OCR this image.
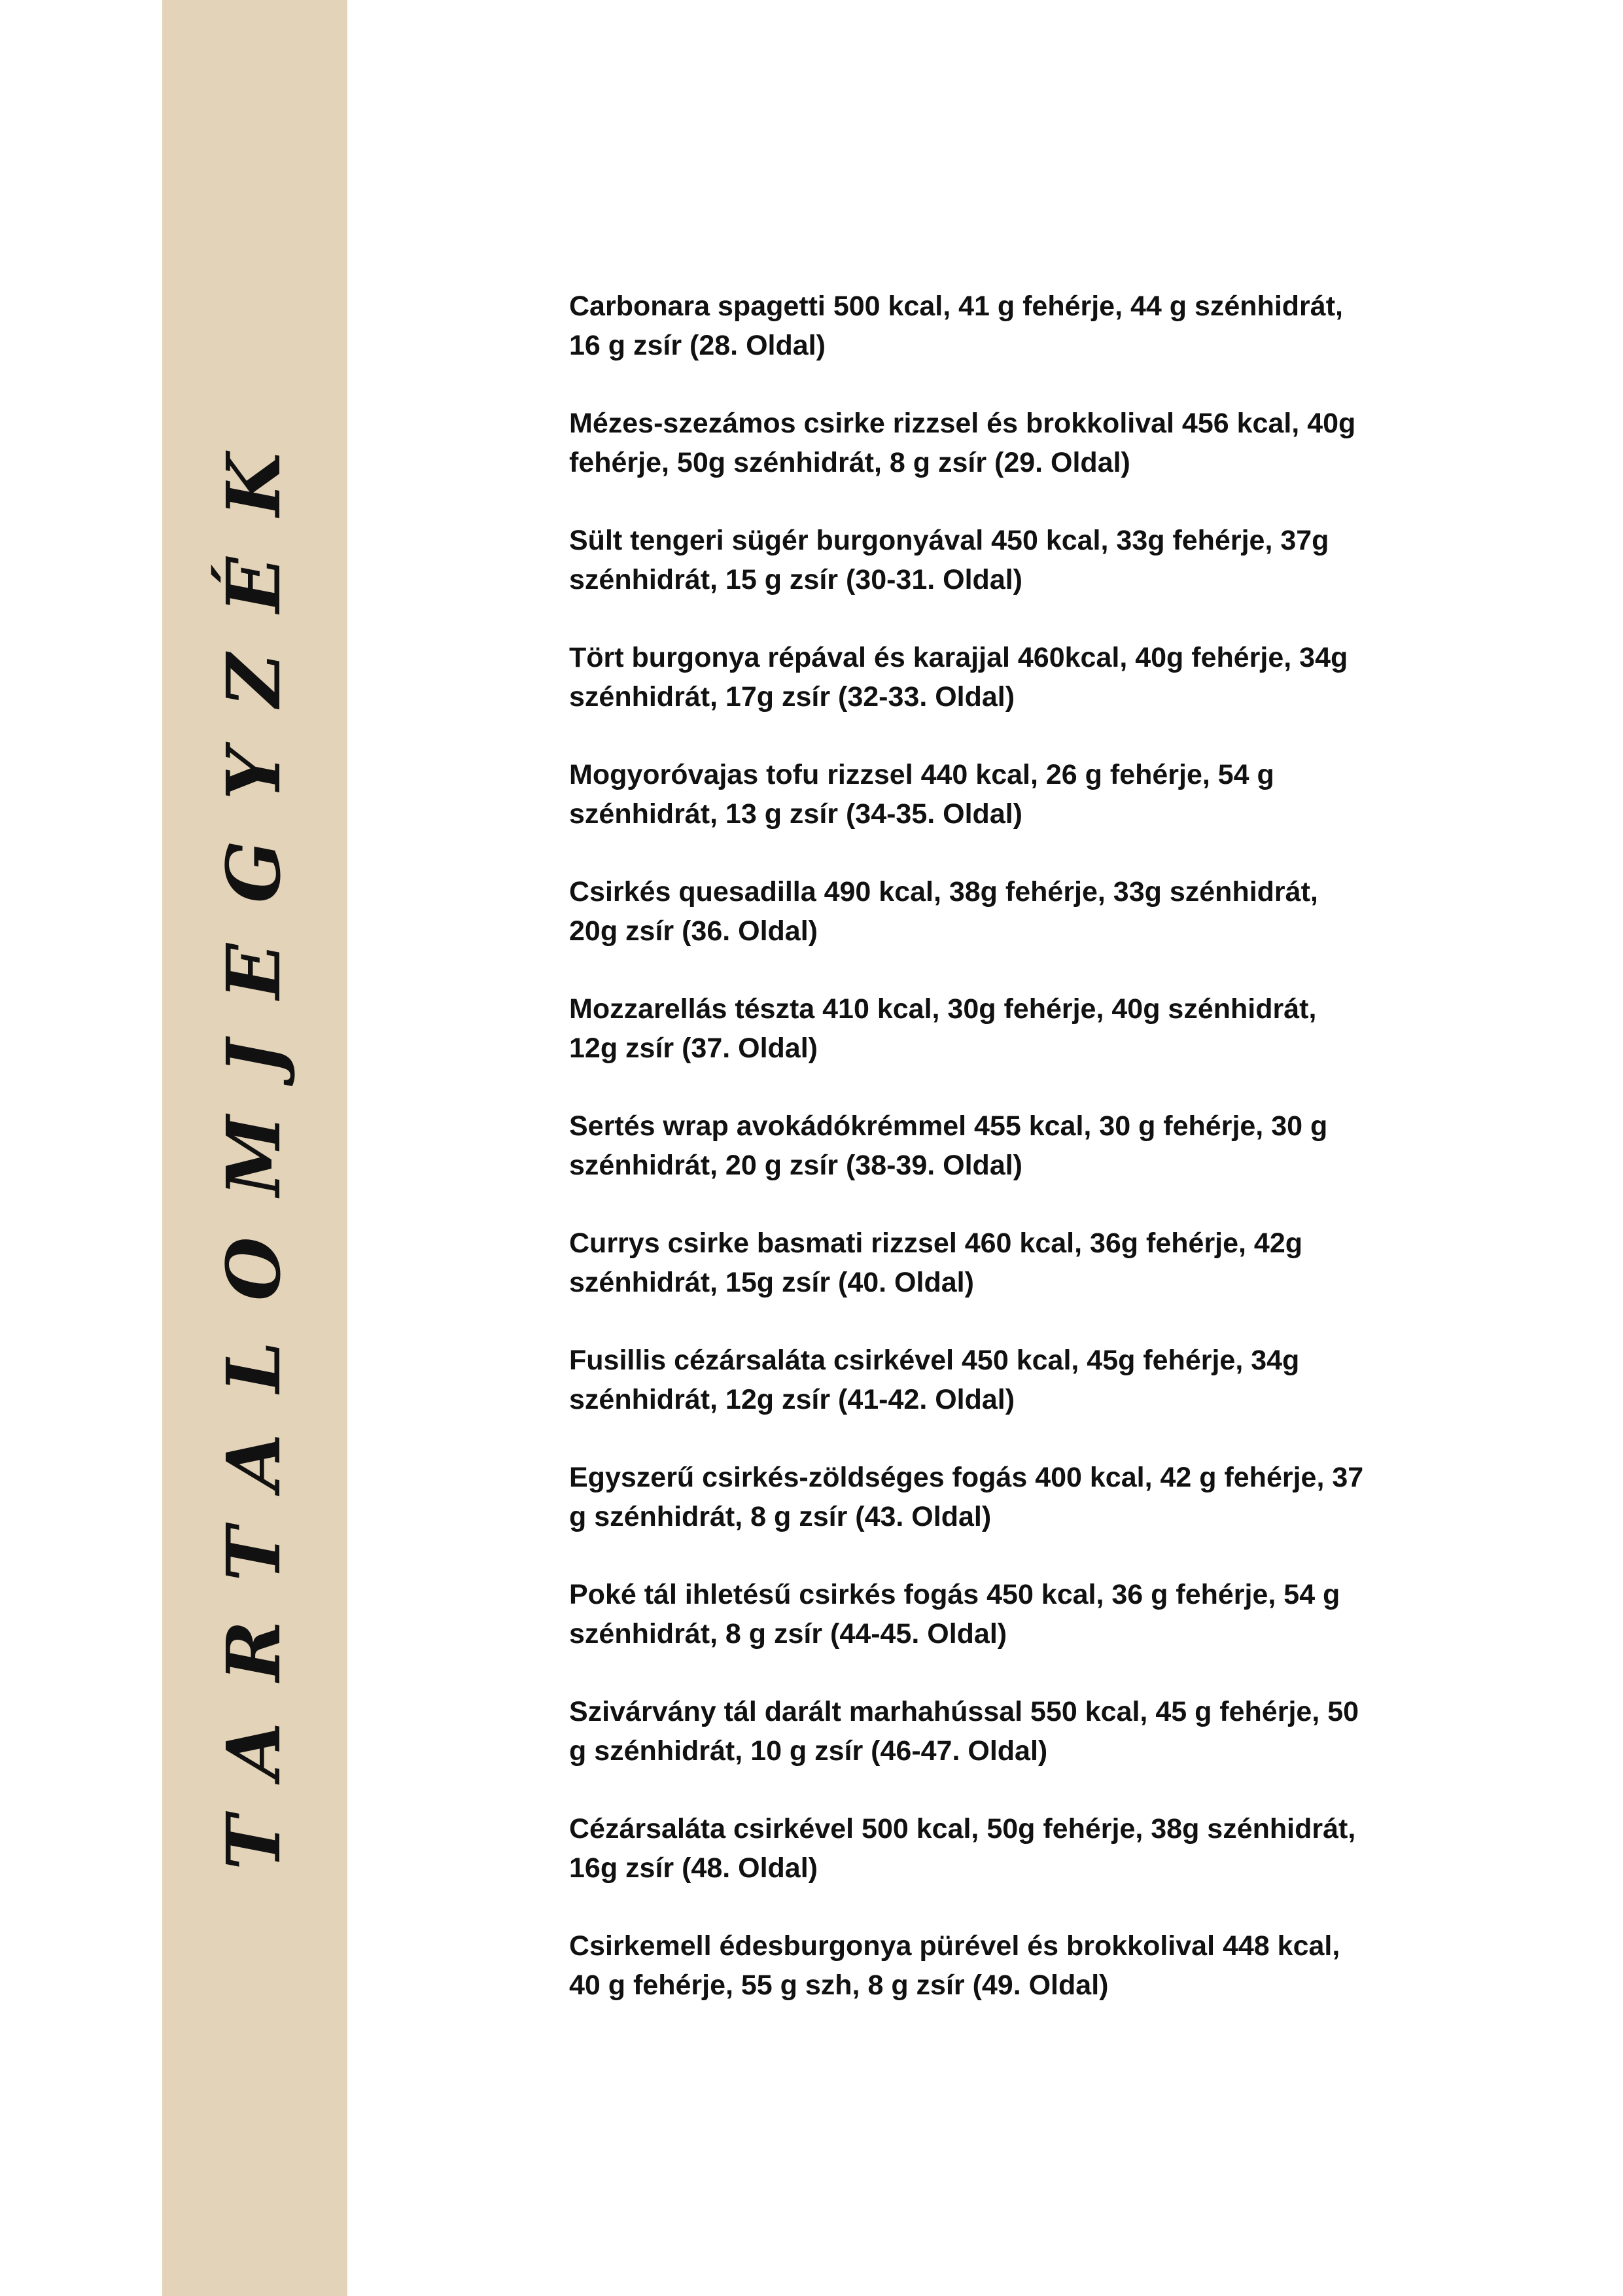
TARTALOMJEGYZÉK
Carbonara spagetti 500 kcal, 41 g fehérje, 44 g szénhidrát,
16 g zsír (28. Oldal)
Mézes-szezámos csirke rizzsel és brokkolival 456 kcal, 40g
fehérje, 50g szénhidrát, 8 g zsír (29. Oldal)
Sült tengeri sügér burgonyával 450 kcal, 33g fehérje, 37g
szénhidrát, 15 g zsír (30-31. Oldal)
Tört burgonya répával és karajjal 460kcal, 40g fehérje, 34g
szénhidrát, 17g zsír (32-33. Oldal)
Mogyoróvajas tofu rizzsel 440 kcal, 26 g fehérje, 54 g
szénhidrát, 13 g zsír (34-35. Oldal)
Csirkés quesadilla 490 kcal, 38g fehérje, 33g szénhidrát,
20g zsír (36. Oldal)
Mozzarellás tészta 410 kcal, 30g fehérje, 40g szénhidrát,
12g zsír (37. Oldal)
Sertés wrap avokádókrémmel 455 kcal, 30 g fehérje, 30 g
szénhidrát, 20 g zsír (38-39. Oldal)
Currys csirke basmati rizzsel 460 kcal, 36g fehérje, 42g
szénhidrát, 15g zsír (40. Oldal)
Fusillis cézársaláta csirkével 450 kcal, 45g fehérje, 34g
szénhidrát, 12g zsír (41-42. Oldal)
Egyszerű csirkés-zöldséges fogás 400 kcal, 42 g fehérje, 37
g szénhidrát, 8 g zsír (43. Oldal)
Poké tál ihletésű csirkés fogás 450 kcal, 36 g fehérje, 54 g
szénhidrát, 8 g zsír (44-45. Oldal)
Szivárvány tál darált marhahússal 550 kcal, 45 g fehérje, 50
g szénhidrát, 10 g zsír (46-47. Oldal)
Cézársaláta csirkével 500 kcal, 50g fehérje, 38g szénhidrát,
16g zsír (48. Oldal)
Csirkemell édesburgonya pürével és brokkolival 448 kcal,
40 g fehérje, 55 g szh, 8 g zsír (49. Oldal)
